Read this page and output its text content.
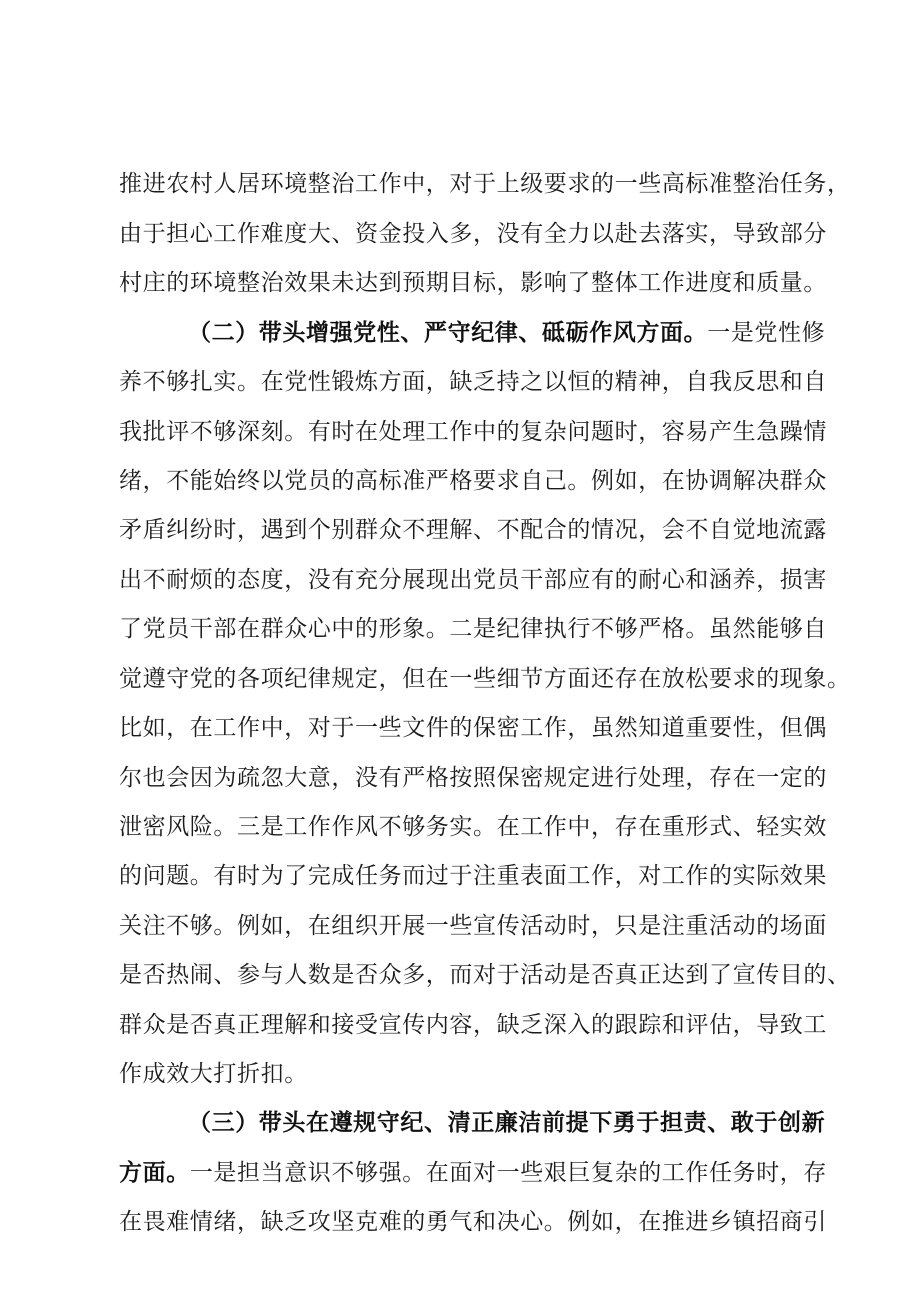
推进农村人居环境整治工作中，对于上级要求的一些高标准整治任务，
由于担心工作难度大、资金投入多，没有全力以赴去落实，导致部分
村庄的环境整治效果未达到预期目标，影响了整体工作进度和质量。
（二）带头增强党性、严守纪律、砥砺作风方面。一是党性修
养不够扎实。在党性锻炼方面，缺乏持之以恒的精神，自我反思和自
我批评不够深刻。有时在处理工作中的复杂问题时，容易产生急躁情
绪，不能始终以党员的高标准严格要求自己。例如，在协调解决群众
矛盾纠纷时，遇到个别群众不理解、不配合的情况，会不自觉地流露
出不耐烦的态度，没有充分展现出党员干部应有的耐心和涵养，损害
了党员干部在群众心中的形象。二是纪律执行不够严格。虽然能够自
觉遵守党的各项纪律规定，但在一些细节方面还存在放松要求的现象。
比如，在工作中，对于一些文件的保密工作，虽然知道重要性，但偶
尔也会因为疏忽大意，没有严格按照保密规定进行处理，存在一定的
泄密风险。三是工作作风不够务实。在工作中，存在重形式、轻实效
的问题。有时为了完成任务而过于注重表面工作，对工作的实际效果
关注不够。例如，在组织开展一些宣传活动时，只是注重活动的场面
是否热闹、参与人数是否众多，而对于活动是否真正达到了宣传目的、
群众是否真正理解和接受宣传内容，缺乏深入的跟踪和评估，导致工
作成效大打折扣。
（三）带头在遵规守纪、清正廉洁前提下勇于担责、敢于创新
方面。一是担当意识不够强。在面对一些艰巨复杂的工作任务时，存
在畏难情绪，缺乏攻坚克难的勇气和决心。例如，在推进乡镇招商引
